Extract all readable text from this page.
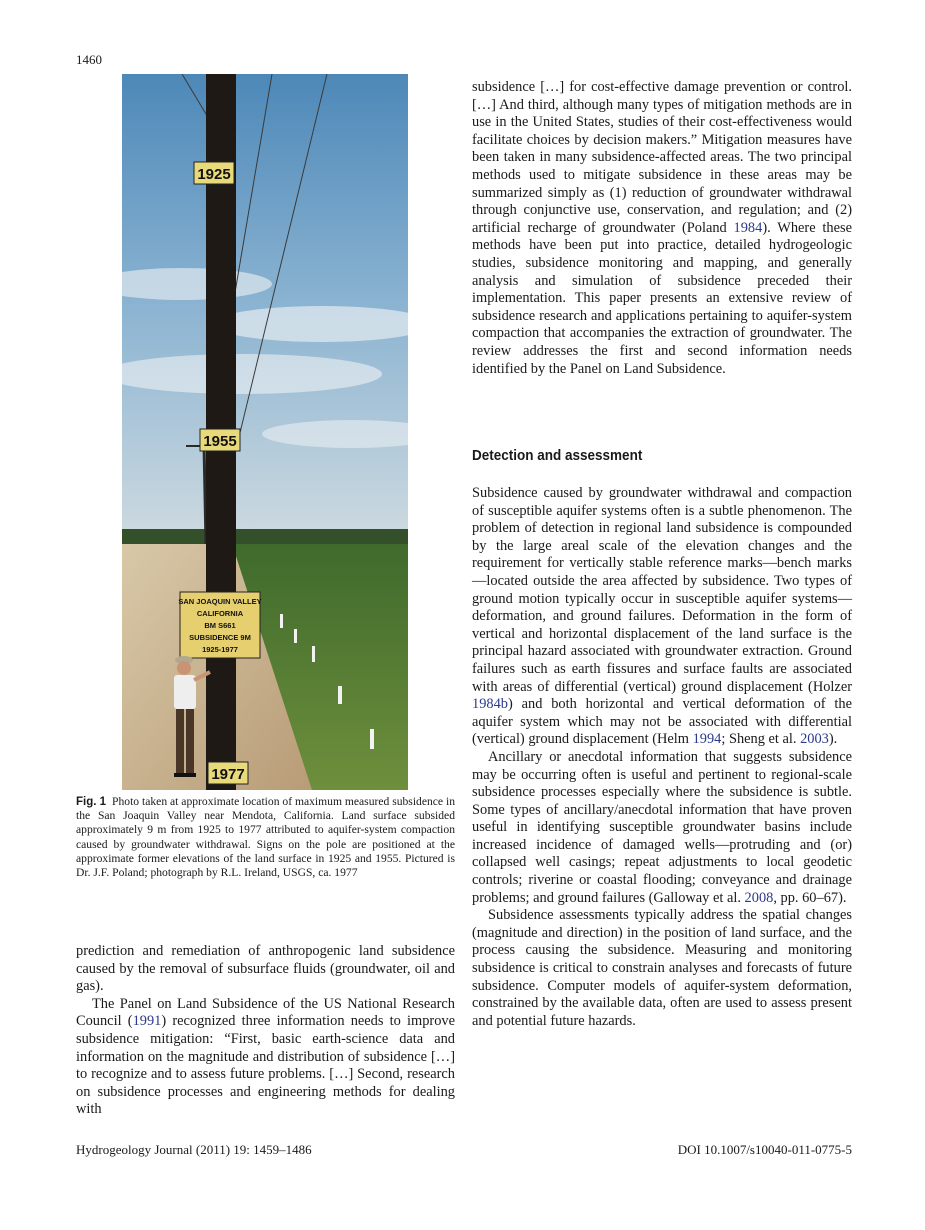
1460
1925
1955
SAN JOAQUIN VALLEY
CALIFORNIA
BM S661
SUBSIDENCE 9M
1925-1977
1977
Fig. 1 Photo taken at approximate location of maximum measured subsidence in the San Joaquin Valley near Mendota, California. Land surface subsided approximately 9 m from 1925 to 1977 attributed to aquifer-system compaction caused by groundwater withdrawal. Signs on the pole are positioned at the approximate former elevations of the land surface in 1925 and 1955. Pictured is Dr. J.F. Poland; photograph by R.L. Ireland, USGS, ca. 1977

prediction and remediation of anthropogenic land subsidence caused by the removal of subsurface fluids (groundwater, oil and gas).

The Panel on Land Subsidence of the US National Research Council (1991) recognized three information needs to improve subsidence mitigation: “First, basic earth-science data and information on the magnitude and distribution of subsidence […] to recognize and to assess future problems. […] Second, research on subsidence processes and engineering methods for dealing with

subsidence […] for cost-effective damage prevention or control. […] And third, although many types of mitigation methods are in use in the United States, studies of their cost-effectiveness would facilitate choices by decision makers.” Mitigation measures have been taken in many subsidence-affected areas. The two principal methods used to mitigate subsidence in these areas may be summarized simply as (1) reduction of groundwater withdrawal through conjunctive use, conservation, and regulation; and (2) artificial recharge of groundwater (Poland 1984). Where these methods have been put into practice, detailed hydrogeologic studies, subsidence monitoring and mapping, and generally analysis and simulation of subsidence preceded their implementation. This paper presents an extensive review of subsidence research and applications pertaining to aquifer-system compaction that accompanies the extraction of groundwater. The review addresses the first and second information needs identified by the Panel on Land Subsidence.

Detection and assessment

Subsidence caused by groundwater withdrawal and compaction of susceptible aquifer systems often is a subtle phenomenon. The problem of detection in regional land subsidence is compounded by the large areal scale of the elevation changes and the requirement for vertically stable reference marks—bench marks—located outside the area affected by subsidence. Two types of ground motion typically occur in susceptible aquifer systems—deformation, and ground failures. Deformation in the form of vertical and horizontal displacement of the land surface is the principal hazard associated with groundwater extraction. Ground failures such as earth fissures and surface faults are associated with areas of differential (vertical) ground displacement (Holzer 1984b) and both horizontal and vertical deformation of the aquifer system which may not be associated with differential (vertical) ground displacement (Helm 1994; Sheng et al. 2003).

Ancillary or anecdotal information that suggests subsidence may be occurring often is useful and pertinent to regional-scale subsidence processes especially where the subsidence is subtle. Some types of ancillary/anecdotal information that have proven useful in identifying susceptible groundwater basins include increased incidence of damaged wells—protruding and (or) collapsed well casings; repeat adjustments to local geodetic controls; riverine or coastal flooding; conveyance and drainage problems; and ground failures (Galloway et al. 2008, pp. 60–67).

Subsidence assessments typically address the spatial changes (magnitude and direction) in the position of land surface, and the process causing the subsidence. Measuring and monitoring subsidence is critical to constrain analyses and forecasts of future subsidence. Computer models of aquifer-system deformation, constrained by the available data, often are used to assess present and potential future hazards.

Hydrogeology Journal (2011) 19: 1459–1486	DOI 10.1007/s10040-011-0775-5
